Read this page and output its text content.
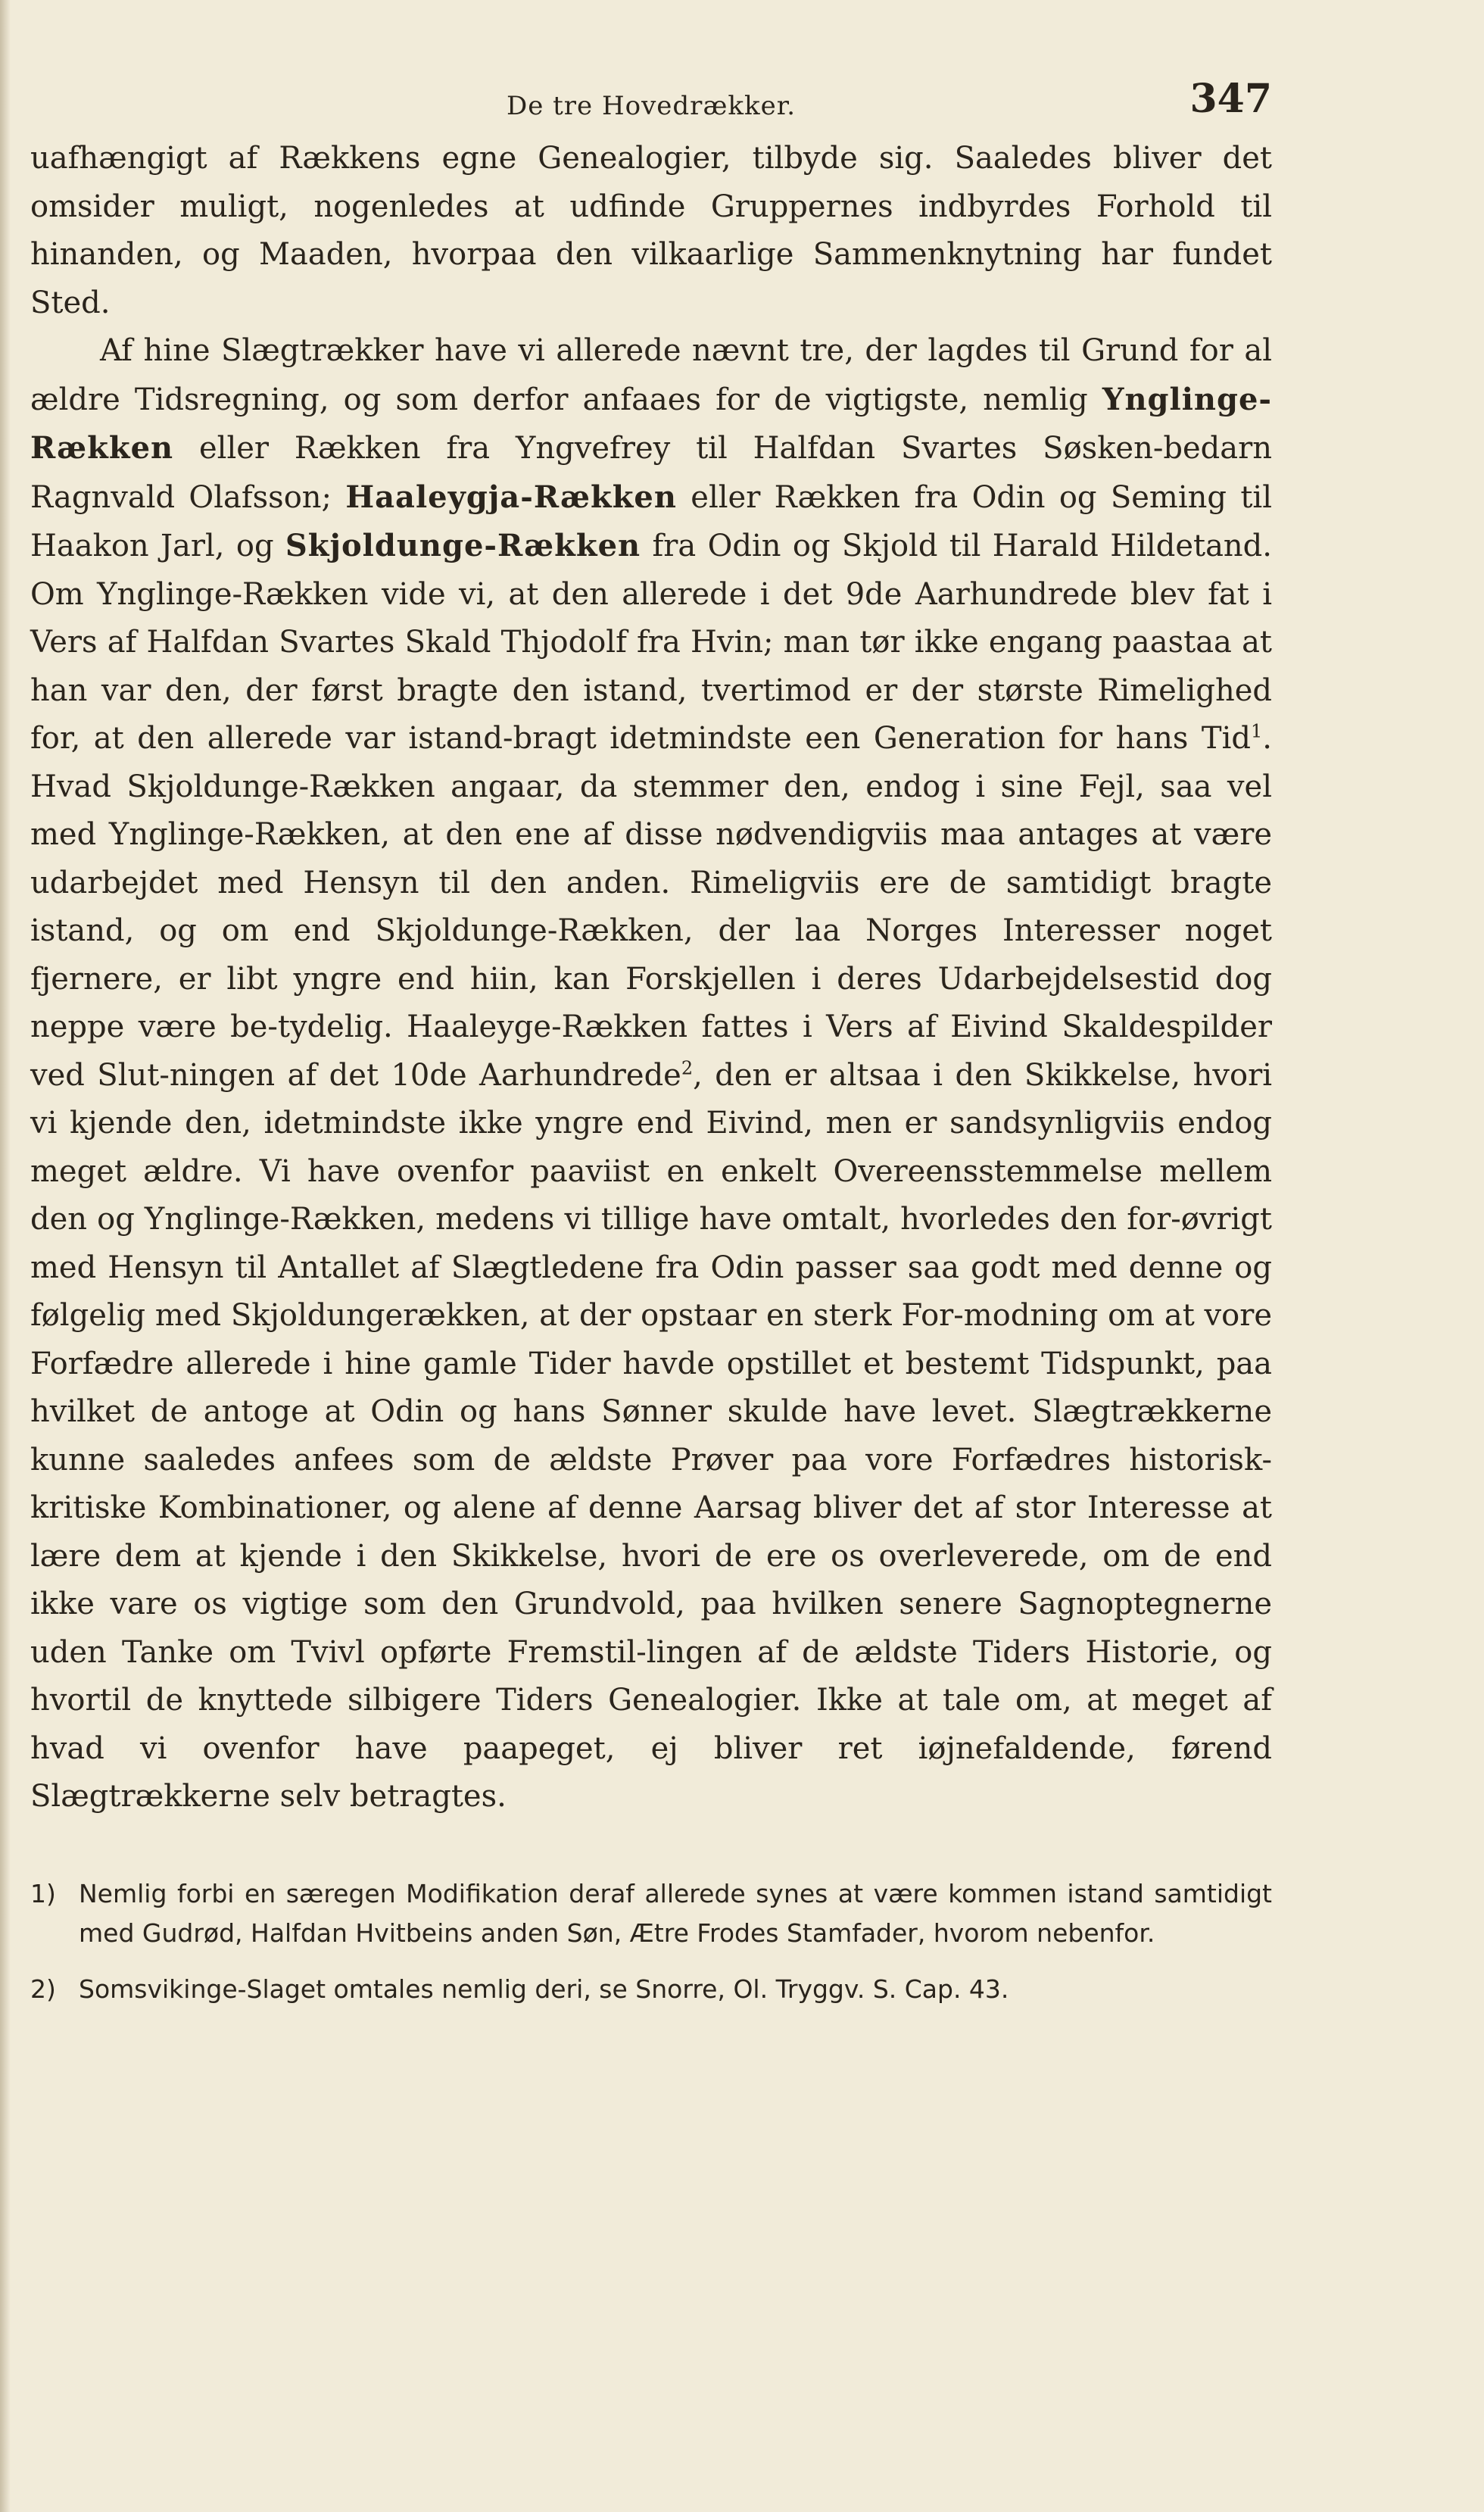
De tre Hovedrækker.	347

uafhængigt af Rækkens egne Genealogier, tilbyde sig. Saaledes bliver det omsider muligt, nogenledes at udfinde Gruppernes indbyrdes Forhold til hinanden, og Maaden, hvorpaa den vilkaarlige Sammenknytning har fundet Sted.

Af hine Slægtrækker have vi allerede nævnt tre, der lagdes til Grund for al ældre Tidsregning, og som derfor anfaaes for de vigtigste, nemlig Ynglinge-Rækken eller Rækken fra Yngvefrey til Halfdan Svartes Søsken-bedarn Ragnvald Olafsson; Haaleygja-Rækken eller Rækken fra Odin og Seming til Haakon Jarl, og Skjoldunge-Rækken fra Odin og Skjold til Harald Hildetand. Om Ynglinge-Rækken vide vi, at den allerede i det 9de Aarhundrede blev fat i Vers af Halfdan Svartes Skald Thjodolf fra Hvin; man tør ikke engang paastaa at han var den, der først bragte den istand, tvertimod er der største Rimelighed for, at den allerede var istand-bragt idetmindste een Generation for hans Tid$^1$. Hvad Skjoldunge-Rækken angaar, da stemmer den, endog i sine Fejl, saa vel med Ynglinge-Rækken, at den ene af disse nødvendigviis maa antages at være udarbejdet med Hensyn til den anden. Rimeligviis ere de samtidigt bragte istand, og om end Skjoldunge-Rækken, der laa Norges Interesser noget fjernere, er libt yngre end hiin, kan Forskjellen i deres Udarbejdelsestid dog neppe være be-tydelig. Haaleyge-Rækken fattes i Vers af Eivind Skaldespilder ved Slut-ningen af det 10de Aarhundrede$^2$, den er altsaa i den Skikkelse, hvori vi kjende den, idetmindste ikke yngre end Eivind, men er sandsynligviis endog meget ældre. Vi have ovenfor paaviist en enkelt Overeensstemmelse mellem den og Ynglinge-Rækken, medens vi tillige have omtalt, hvorledes den for-øvrigt med Hensyn til Antallet af Slægtledene fra Odin passer saa godt med denne og følgelig med Skjoldungerækken, at der opstaar en sterk For-modning om at vore Forfædre allerede i hine gamle Tider havde opstillet et bestemt Tidspunkt, paa hvilket de antoge at Odin og hans Sønner skulde have levet. Slægtrækkerne kunne saaledes anfees som de ældste Prøver paa vore Forfædres historisk-kritiske Kombinationer, og alene af denne Aarsag bliver det af stor Interesse at lære dem at kjende i den Skikkelse, hvori de ere os overleverede, om de end ikke vare os vigtige som den Grundvold, paa hvilken senere Sagnoptegnerne uden Tanke om Tvivl opførte Fremstil-lingen af de ældste Tiders Historie, og hvortil de knyttede silbigere Tiders Genealogier. Ikke at tale om, at meget af hvad vi ovenfor have paapeget, ej bliver ret iøjnefaldende, førend Slægtrækkerne selv betragtes.

1) Nemlig forbi en særegen Modifikation deraf allerede synes at være kommen istand samtidigt med Gudrød, Halfdan Hvitbeins anden Søn, Ætre Frodes Stamfader, hvorom nebenfor.
2) Somsvikinge-Slaget omtales nemlig deri, se Snorre, Ol. Tryggv. S. Cap. 43.
